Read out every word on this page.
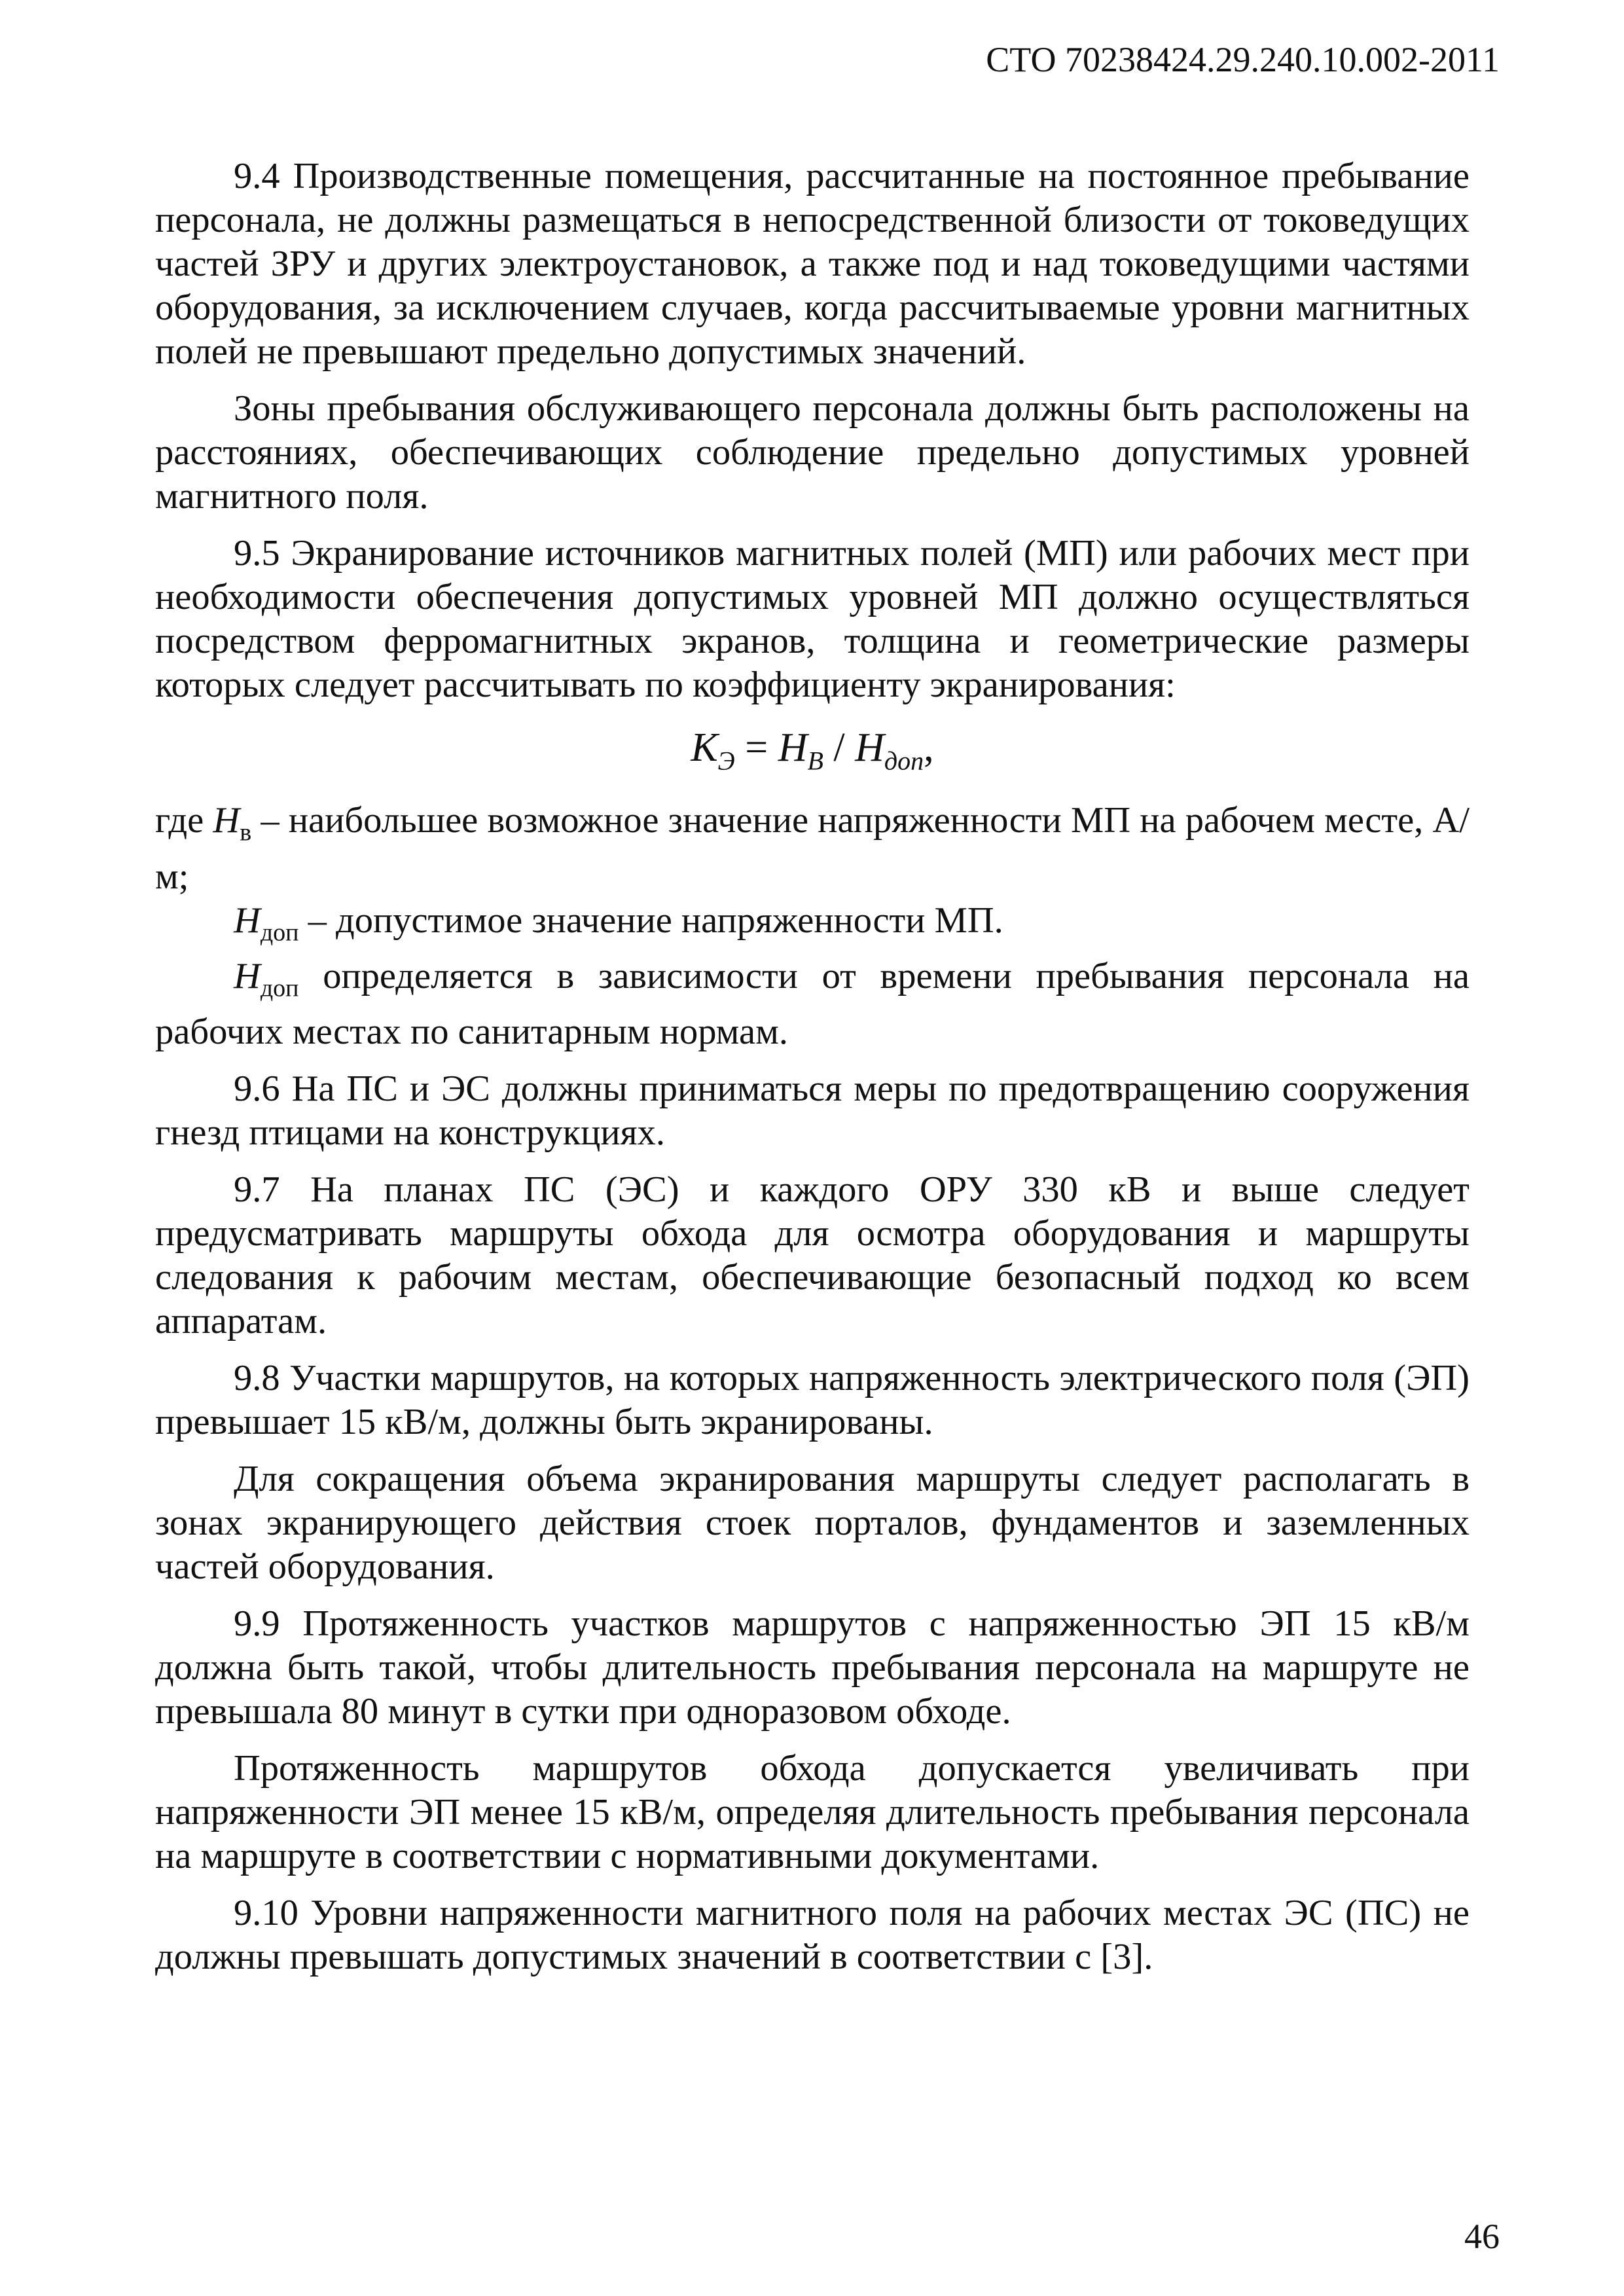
СТО 70238424.29.240.10.002-2011

9.4 Производственные помещения, рассчитанные на постоянное пребывание персонала, не должны размещаться в непосредственной близости от токоведущих частей ЗРУ и других электроустановок, а также под и над токоведущими частями оборудования, за исключением случаев, когда рассчитываемые уровни магнитных полей не превышают предельно допустимых значений.

Зоны пребывания обслуживающего персонала должны быть расположены на расстояниях, обеспечивающих соблюдение предельно допустимых уровней магнитного поля.

9.5 Экранирование источников магнитных полей (МП) или рабочих мест при необходимости обеспечения допустимых уровней МП должно осуществляться посредством ферромагнитных экранов, толщина и геометрические размеры которых следует рассчитывать по коэффициенту экранирования:

$К_Э = Н_В / Н_{доп}$,

где $Н_в$ – наибольшее возможное значение напряженности МП на рабочем месте, А/м;

$Н_{доп}$ – допустимое значение напряженности МП.

$Н_{доп}$ определяется в зависимости от времени пребывания персонала на рабочих местах по санитарным нормам.

9.6 На ПС и ЭС должны приниматься меры по предотвращению сооружения гнезд птицами на конструкциях.

9.7 На планах ПС (ЭС) и каждого ОРУ 330 кВ и выше следует предусматривать маршруты обхода для осмотра оборудования и маршруты следования к рабочим местам, обеспечивающие безопасный подход ко всем аппаратам.

9.8 Участки маршрутов, на которых напряженность электрического поля (ЭП) превышает 15 кВ/м, должны быть экранированы.

Для сокращения объема экранирования маршруты следует располагать в зонах экранирующего действия стоек порталов, фундаментов и заземленных частей оборудования.

9.9 Протяженность участков маршрутов с напряженностью ЭП 15 кВ/м должна быть такой, чтобы длительность пребывания персонала на маршруте не превышала 80 минут в сутки при одноразовом обходе.

Протяженность маршрутов обхода допускается увеличивать при напряженности ЭП менее 15 кВ/м, определяя длительность пребывания персонала на маршруте в соответствии с нормативными документами.

9.10 Уровни напряженности магнитного поля на рабочих местах ЭС (ПС) не должны превышать допустимых значений в соответствии с [3].

46
